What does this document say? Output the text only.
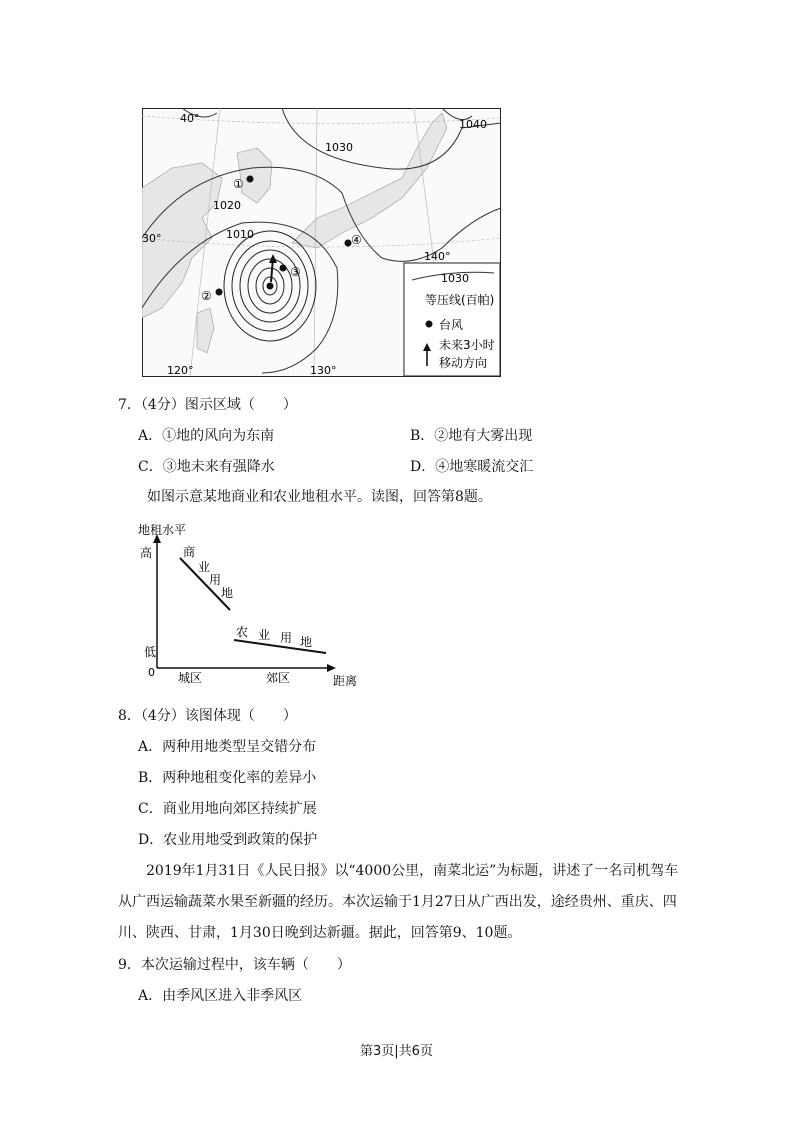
40°
30°
120°	130°
140°
1040
1030
1020
1010
①
②
③
④
1030
等压线(百帕)
台风
未来3小时
移动方向
7．（4分）图示区域（　　）
A．①地的风向为东南	B．②地有大雾出现
C．③地未来有强降水	D．④地寒暖流交汇
如图示意某地商业和农业地租水平。读图，回答第8题。
地租水平
高
低
0 城区	郊区	距离
商
业
用
地
农 业 用 地
8．（4分）该图体现（　　）
A．两种用地类型呈交错分布
B．两种地租变化率的差异小
C．商业用地向郊区持续扩展
D．农业用地受到政策的保护
2019年1月31日《人民日报》以“4000公里，南菜北运”为标题，讲述了一名司机驾车从广西运输蔬菜水果至新疆的经历。本次运输于1月27日从广西出发，途经贵州、重庆、四川、陕西、甘肃，1月30日晚到达新疆。据此，回答第9、10题。
9．本次运输过程中，该车辆（　　）
A．由季风区进入非季风区
第3页|共6页
